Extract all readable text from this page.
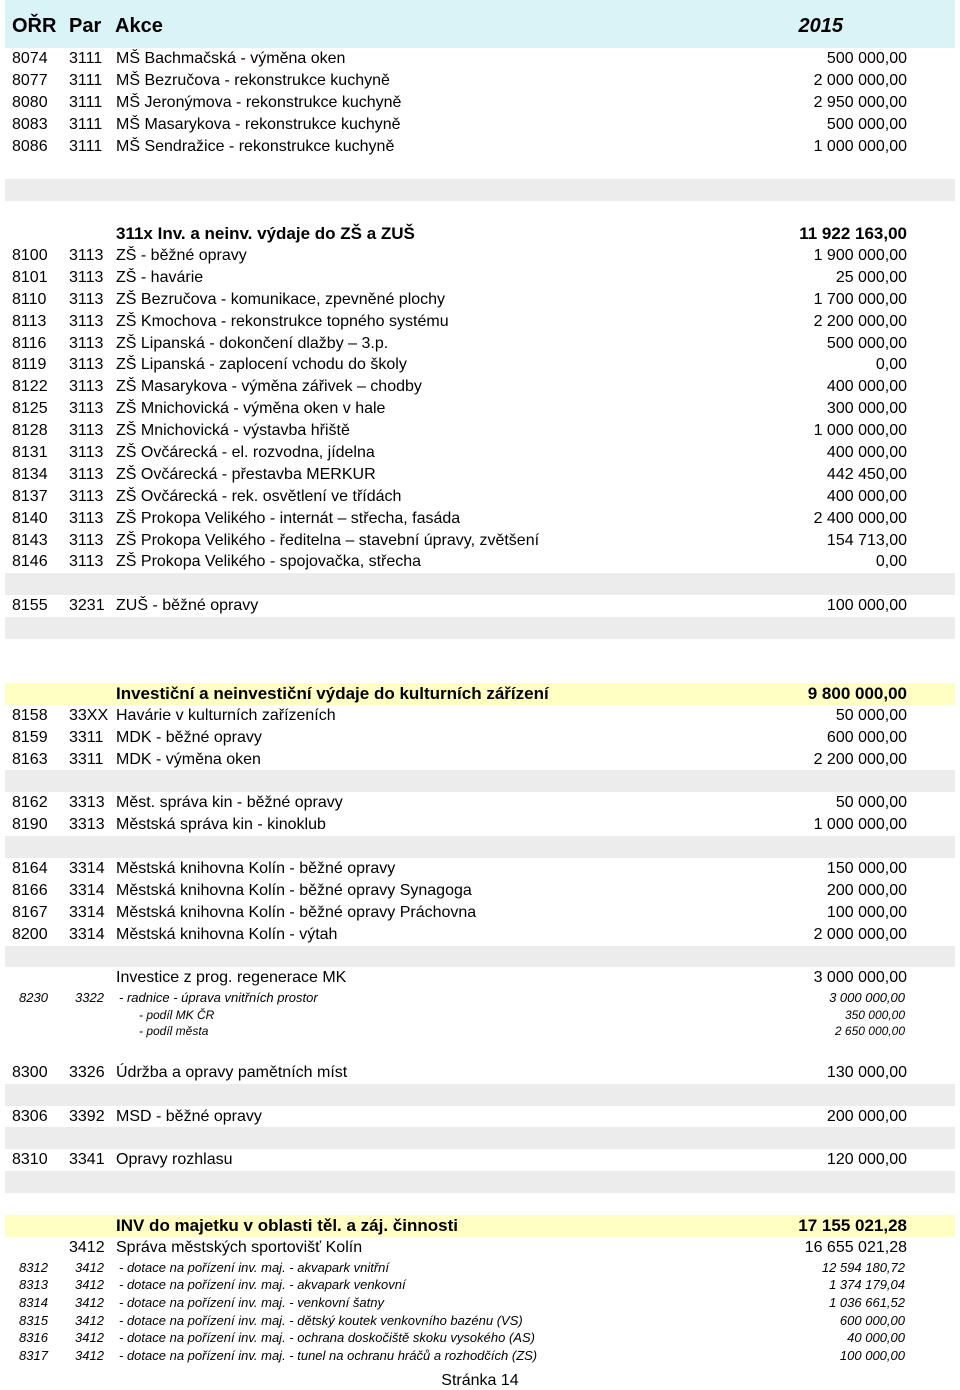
OŘR Par Akce	2015
8074 3111 MŠ Bachmačská - výměna oken	500 000,00
8077 3111 MŠ Bezručova - rekonstrukce kuchyně	2 000 000,00
8080 3111 MŠ Jeronýmova - rekonstrukce kuchyně	2 950 000,00
8083 3111 MŠ Masarykova - rekonstrukce kuchyně	500 000,00
8086 3111 MŠ Sendražice - rekonstrukce kuchyně	1 000 000,00
311x Inv. a neinv. výdaje do ZŠ a ZUŠ	11 922 163,00
8100 3113 ZŠ - běžné opravy	1 900 000,00
8101 3113 ZŠ - havárie	25 000,00
8110 3113 ZŠ Bezručova - komunikace, zpevněné plochy	1 700 000,00
8113 3113 ZŠ Kmochova - rekonstrukce topného systému	2 200 000,00
8116 3113 ZŠ Lipanská - dokončení dlažby – 3.p.	500 000,00
8119 3113 ZŠ Lipanská - zaplocení vchodu do školy	0,00
8122 3113 ZŠ Masarykova - výměna zářivek – chodby	400 000,00
8125 3113 ZŠ Mnichovická - výměna oken v hale	300 000,00
8128 3113 ZŠ Mnichovická - výstavba hřiště	1 000 000,00
8131 3113 ZŠ Ovčárecká - el. rozvodna, jídelna	400 000,00
8134 3113 ZŠ Ovčárecká - přestavba MERKUR	442 450,00
8137 3113 ZŠ Ovčárecká - rek. osvětlení ve třídách	400 000,00
8140 3113 ZŠ Prokopa Velikého - internát – střecha, fasáda	2 400 000,00
8143 3113 ZŠ Prokopa Velikého - ředitelna – stavební úpravy, zvětšení	154 713,00
8146 3113 ZŠ Prokopa Velikého - spojovačka, střecha	0,00
8155 3231 ZUŠ - běžné opravy	100 000,00
Investiční a neinvestiční výdaje do kulturních zářízení	9 800 000,00
8158 33XX Havárie v kulturních zařízeních	50 000,00
8159 3311 MDK - běžné opravy	600 000,00
8163 3311 MDK - výměna oken	2 200 000,00
8162 3313 Měst. správa kin - běžné opravy	50 000,00
8190 3313 Městská správa kin - kinoklub	1 000 000,00
8164 3314 Městská knihovna Kolín - běžné opravy	150 000,00
8166 3314 Městská knihovna Kolín - běžné opravy Synagoga	200 000,00
8167 3314 Městská knihovna Kolín - běžné opravy Práchovna	100 000,00
8200 3314 Městská knihovna Kolín - výtah	2 000 000,00
Investice z prog. regenerace MK	3 000 000,00
8230 3322 - radnice - úprava vnitřních prostor	3 000 000,00
- podíl MK ČR	350 000,00
- podíl města	2 650 000,00
8300 3326 Údržba a opravy pamětních míst	130 000,00
8306 3392 MSD - běžné opravy	200 000,00
8310 3341 Opravy rozhlasu	120 000,00
INV do majetku v oblasti těl. a záj. činnosti	17 155 021,28
3412 Správa městských sportovišť Kolín	16 655 021,28
8312 3412 - dotace na pořízení inv. maj. - akvapark vnitřní	12 594 180,72
8313 3412 - dotace na pořízení inv. maj. - akvapark venkovní	1 374 179,04
8314 3412 - dotace na pořízení inv. maj. - venkovní šatny	1 036 661,52
8315 3412 - dotace na pořízení inv. maj. - dětský koutek venkovního bazénu (VS)	600 000,00
8316 3412 - dotace na pořízení inv. maj. - ochrana doskočiště skoku vysokého (AS)	40 000,00
8317 3412 - dotace na pořízení inv. maj. - tunel na ochranu hráčů a rozhodčích (ZS)	100 000,00
Stránka 14
